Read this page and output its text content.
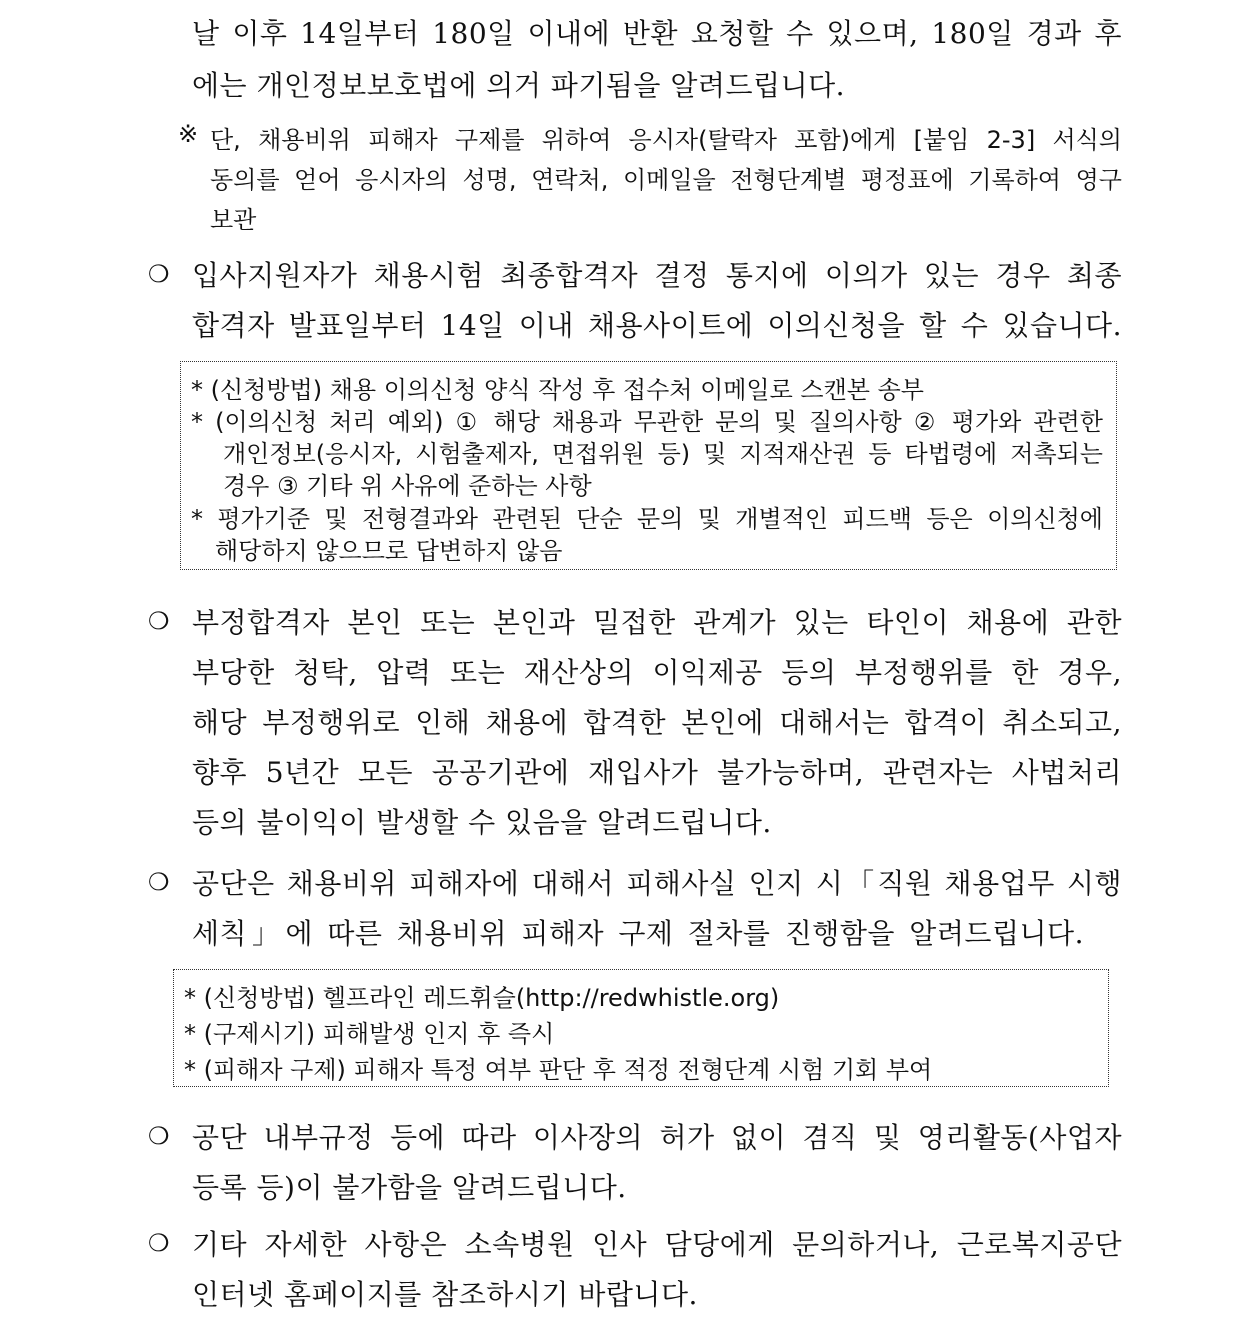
날 이후 14일부터 180일 이내에 반환 요청할 수 있으며, 180일 경과 후
에는 개인정보보호법에 의거 파기됨을 알려드립니다.
※ 단, 채용비위 피해자 구제를 위하여 응시자(탈락자 포함)에게 [붙임 2-3] 서식의
동의를 얻어 응시자의 성명, 연락처, 이메일을 전형단계별 평정표에 기록하여 영구
보관
❍ 입사지원자가 채용시험 최종합격자 결정 통지에 이의가 있는 경우 최종
합격자 발표일부터 14일 이내 채용사이트에 이의신청을 할 수 있습니다.
* (신청방법) 채용 이의신청 양식 작성 후 접수처 이메일로 스캔본 송부
* (이의신청 처리 예외) ① 해당 채용과 무관한 문의 및 질의사항 ② 평가와 관련한
개인정보(응시자, 시험출제자, 면접위원 등) 및 지적재산권 등 타법령에 저촉되는
경우 ③ 기타 위 사유에 준하는 사항
* 평가기준 및 전형결과와 관련된 단순 문의 및 개별적인 피드백 등은 이의신청에
해당하지 않으므로 답변하지 않음
❍ 부정합격자 본인 또는 본인과 밀접한 관계가 있는 타인이 채용에 관한
부당한 청탁, 압력 또는 재산상의 이익제공 등의 부정행위를 한 경우,
해당 부정행위로 인해 채용에 합격한 본인에 대해서는 합격이 취소되고,
향후 5년간 모든 공공기관에 재입사가 불가능하며, 관련자는 사법처리
등의 불이익이 발생할 수 있음을 알려드립니다.
❍ 공단은 채용비위 피해자에 대해서 피해사실 인지 시「직원 채용업무 시행
세칙」에 따른 채용비위 피해자 구제 절차를 진행함을 알려드립니다.
* (신청방법) 헬프라인 레드휘슬(http://redwhistle.org)
* (구제시기) 피해발생 인지 후 즉시
* (피해자 구제) 피해자 특정 여부 판단 후 적정 전형단계 시험 기회 부여
❍ 공단 내부규정 등에 따라 이사장의 허가 없이 겸직 및 영리활동(사업자
등록 등)이 불가함을 알려드립니다.
❍ 기타 자세한 사항은 소속병원 인사 담당에게 문의하거나, 근로복지공단
인터넷 홈페이지를 참조하시기 바랍니다.
